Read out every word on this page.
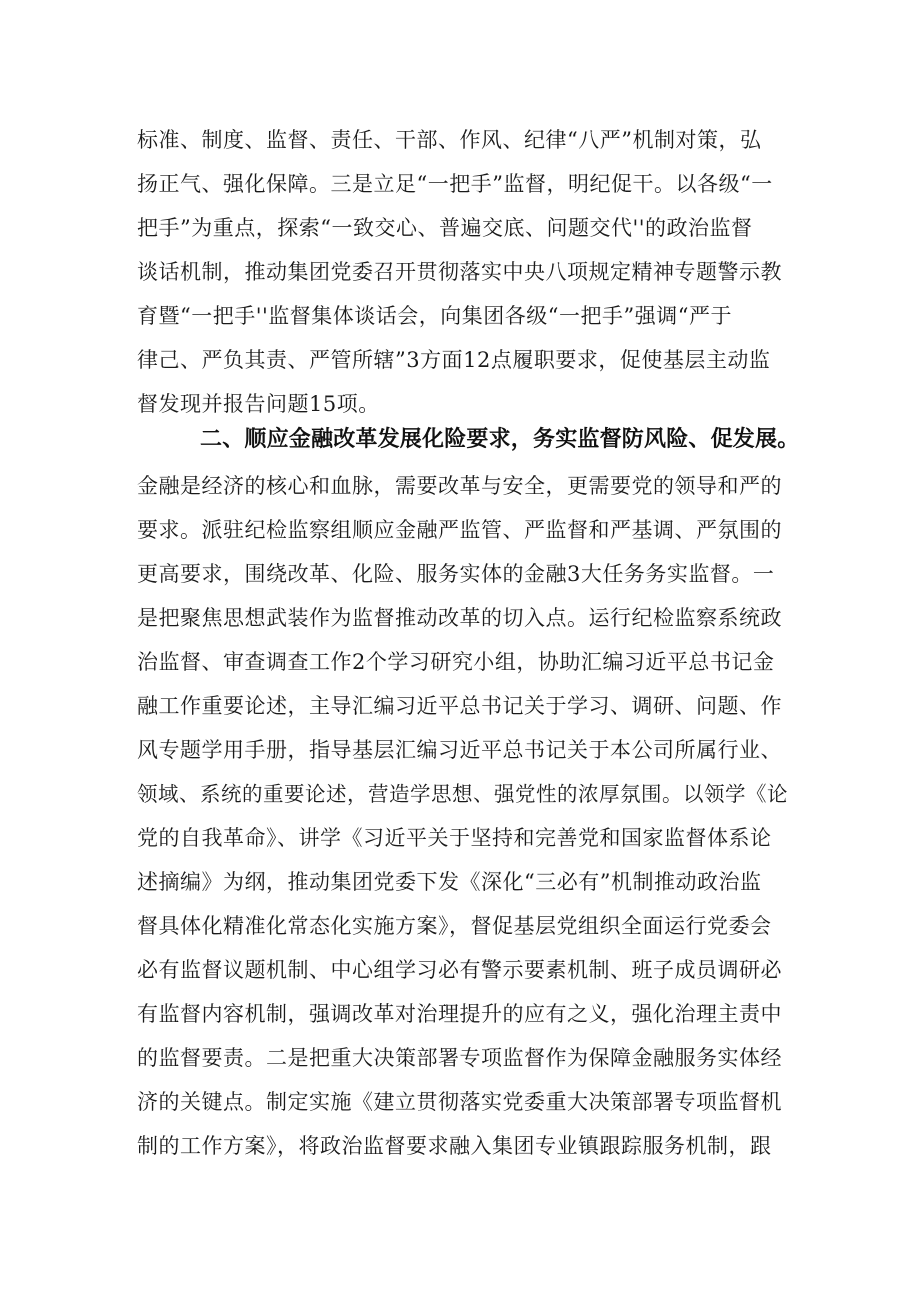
标准、制度、监督、责任、干部、作风、纪律“八严”机制对策，弘
扬正气、强化保障。三是立足“一把手”监督，明纪促干。以各级“一
把手”为重点，探索“一致交心、普遍交底、问题交代''的政治监督
谈话机制，推动集团党委召开贯彻落实中央八项规定精神专题警示教
育暨“一把手''监督集体谈话会，向集团各级“一把手”强调“严于
律己、严负其责、严管所辖”3方面12点履职要求，促使基层主动监
督发现并报告问题15项。
二、顺应金融改革发展化险要求，务实监督防风险、促发展。
金融是经济的核心和血脉，需要改革与安全，更需要党的领导和严的
要求。派驻纪检监察组顺应金融严监管、严监督和严基调、严氛围的
更高要求，围绕改革、化险、服务实体的金融3大任务务实监督。一
是把聚焦思想武装作为监督推动改革的切入点。运行纪检监察系统政
治监督、审查调查工作2个学习研究小组，协助汇编习近平总书记金
融工作重要论述，主导汇编习近平总书记关于学习、调研、问题、作
风专题学用手册，指导基层汇编习近平总书记关于本公司所属行业、
领域、系统的重要论述，营造学思想、强党性的浓厚氛围。以领学《论
党的自我革命》、讲学《习近平关于坚持和完善党和国家监督体系论
述摘编》为纲，推动集团党委下发《深化“三必有”机制推动政治监
督具体化精准化常态化实施方案》，督促基层党组织全面运行党委会
必有监督议题机制、中心组学习必有警示要素机制、班子成员调研必
有监督内容机制，强调改革对治理提升的应有之义，强化治理主责中
的监督要责。二是把重大决策部署专项监督作为保障金融服务实体经
济的关键点。制定实施《建立贯彻落实党委重大决策部署专项监督机
制的工作方案》，将政治监督要求融入集团专业镇跟踪服务机制，跟
